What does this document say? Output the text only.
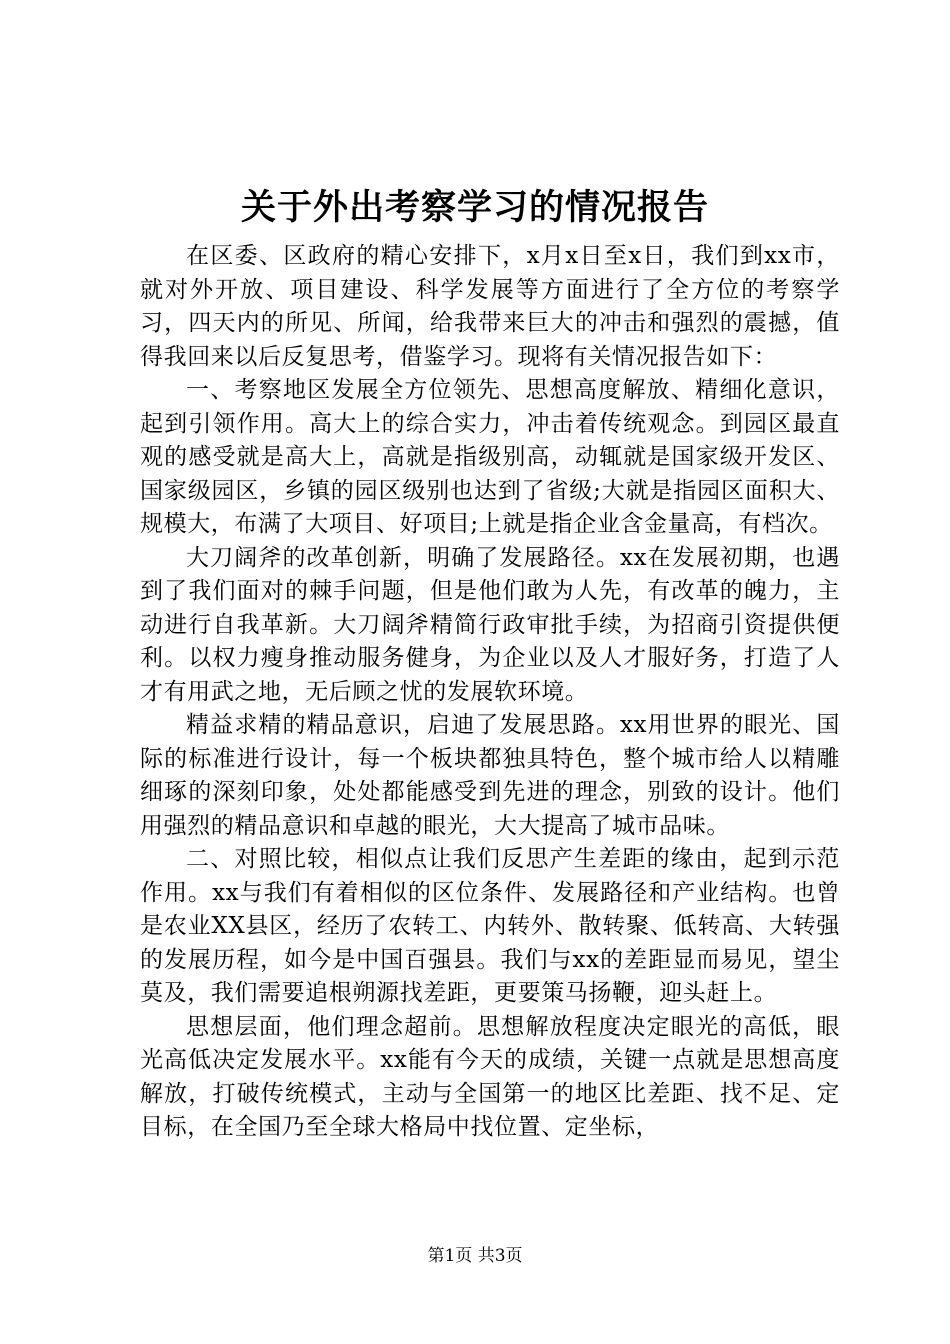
关于外出考察学习的情况报告

在区委、区政府的精心安排下，x月x日至x日，我们到xx市，就对外开放、项目建设、科学发展等方面进行了全方位的考察学习，四天内的所见、所闻，给我带来巨大的冲击和强烈的震撼，值得我回来以后反复思考，借鉴学习。现将有关情况报告如下：

一、考察地区发展全方位领先、思想高度解放、精细化意识，起到引领作用。高大上的综合实力，冲击着传统观念。到园区最直观的感受就是高大上，高就是指级别高，动辄就是国家级开发区、国家级园区，乡镇的园区级别也达到了省级;大就是指园区面积大、规模大，布满了大项目、好项目;上就是指企业含金量高，有档次。

大刀阔斧的改革创新，明确了发展路径。xx在发展初期，也遇到了我们面对的棘手问题，但是他们敢为人先，有改革的魄力，主动进行自我革新。大刀阔斧精简行政审批手续，为招商引资提供便利。以权力瘦身推动服务健身，为企业以及人才服好务，打造了人才有用武之地，无后顾之忧的发展软环境。

精益求精的精品意识，启迪了发展思路。xx用世界的眼光、国际的标准进行设计，每一个板块都独具特色，整个城市给人以精雕细琢的深刻印象，处处都能感受到先进的理念，别致的设计。他们用强烈的精品意识和卓越的眼光，大大提高了城市品味。

二、对照比较，相似点让我们反思产生差距的缘由，起到示范作用。xx与我们有着相似的区位条件、发展路径和产业结构。也曾是农业XX县区，经历了农转工、内转外、散转聚、低转高、大转强的发展历程，如今是中国百强县。我们与xx的差距显而易见，望尘莫及，我们需要追根朔源找差距，更要策马扬鞭，迎头赶上。

思想层面，他们理念超前。思想解放程度决定眼光的高低，眼光高低决定发展水平。xx能有今天的成绩，关键一点就是思想高度解放，打破传统模式，主动与全国第一的地区比差距、找不足、定目标，在全国乃至全球大格局中找位置、定坐标，

第1页 共3页
